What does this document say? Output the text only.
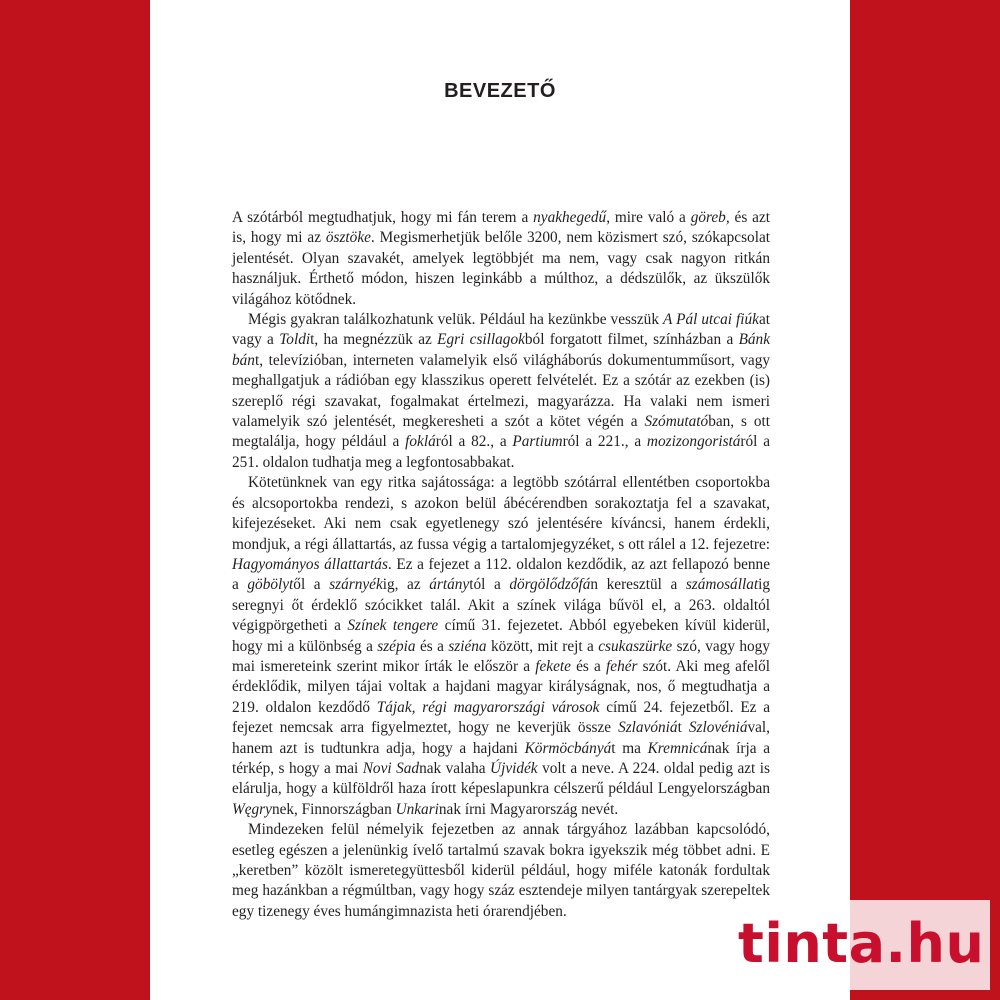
BEVEZETŐ

A szótárból megtudhatjuk, hogy mi fán terem a nyakhegedű, mire való a göreb, és azt is, hogy mi az ösztöke. Megismerhetjük belőle 3200, nem közismert szó, szókapcsolat jelentését. Olyan szavakét, amelyek legtöbbjét ma nem, vagy csak nagyon ritkán használjuk. Érthető módon, hiszen leginkább a múlthoz, a dédszülők, az ükszülők világához kötődnek.

Mégis gyakran találkozhatunk velük. Például ha kezünkbe vesszük A Pál utcai fiúkat vagy a Toldit, ha megnézzük az Egri csillagokból forgatott filmet, színházban a Bánk bánt, televízióban, interneten valamelyik első világháborús dokumentumműsort, vagy meghallgatjuk a rádióban egy klasszikus operett felvételét. Ez a szótár az ezekben (is) szereplő régi szavakat, fogalmakat értelmezi, magyarázza. Ha valaki nem ismeri valamelyik szó jelentését, megkeresheti a szót a kötet végén a Szómutatóban, s ott megtalálja, hogy például a fokláról a 82., a Partiumról a 221., a mozizongoristáról a 251. oldalon tudhatja meg a legfontosabbakat.

Kötetünknek van egy ritka sajátossága: a legtöbb szótárral ellentétben csoportokba és alcsoportokba rendezi, s azokon belül ábécérendben sorakoztatja fel a szavakat, kifejezéseket. Aki nem csak egyetlenegy szó jelentésére kíváncsi, hanem érdekli, mondjuk, a régi állattartás, az fussa végig a tartalomjegyzéket, s ott rálel a 12. fejezetre: Hagyományos állattartás. Ez a fejezet a 112. oldalon kezdődik, az azt fellapozó benne a göbölytől a szárnyékig, az ártánytól a dörgölődzőfán keresztül a számosállatig seregnyi őt érdeklő szócikket talál. Akit a színek világa bűvöl el, a 263. oldaltól végigpörgetheti a Színek tengere című 31. fejezetet. Abból egyebeken kívül kiderül, hogy mi a különbség a szépia és a sziéna között, mit rejt a csukaszürke szó, vagy hogy mai ismereteink szerint mikor írták le először a fekete és a fehér szót. Aki meg afelől érdeklődik, milyen tájai voltak a hajdani magyar királyságnak, nos, ő megtudhatja a 219. oldalon kezdődő Tájak, régi magyarországi városok című 24. fejezetből. Ez a fejezet nemcsak arra figyelmeztet, hogy ne keverjük össze Szlavóniát Szlovéniával, hanem azt is tudtunkra adja, hogy a hajdani Körmöcbányát ma Kremnicának írja a térkép, s hogy a mai Novi Sadnak valaha Újvidék volt a neve. A 224. oldal pedig azt is elárulja, hogy a külföldről haza írott képeslapunkra célszerű például Lengyelországban Węgrynek, Finnországban Unkarinak írni Magyarország nevét.

Mindezeken felül némelyik fejezetben az annak tárgyához lazábban kapcsolódó, esetleg egészen a jelenünkig ívelő tartalmú szavak bokra igyekszik még többet adni. E „keretben” közölt ismeretegyüttesből kiderül például, hogy miféle katonák fordultak meg hazánkban a régmúltban, vagy hogy száz esztendeje milyen tantárgyak szerepeltek egy tizenegy éves humángimnazista heti órarendjében.

tinta.hu
